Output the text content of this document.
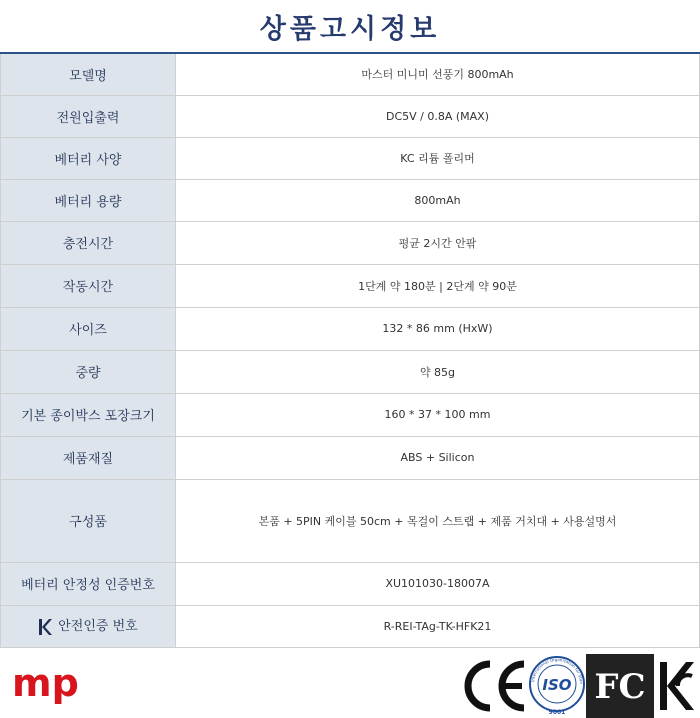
상품고시정보
모델명	마스터 미니미 선풍기 800mAh
전원입출력	DC5V / 0.8A (MAX)
베터리 사양	KC 리튬 폴리머
베터리 용량	800mAh
충전시간	평균 2시간 안팎
작동시간	1단계 약 180분 | 2단계 약 90분
사이즈	132 * 86 mm (HxW)
중량	약 85g
기본 종이박스 포장크기	160 * 37 * 100 mm
제품재질	ABS + Silicon
구성품	본품 + 5PIN 케이블 50cm + 목걸이 스트랩 + 제품 거치대 + 사용설명서
베터리 안정성 인증번호	XU101030-18007A
안전인증 번호	R-REI-TAg-TK-HFK21
mp	International Organization for Stan
ISO
9001
FC
